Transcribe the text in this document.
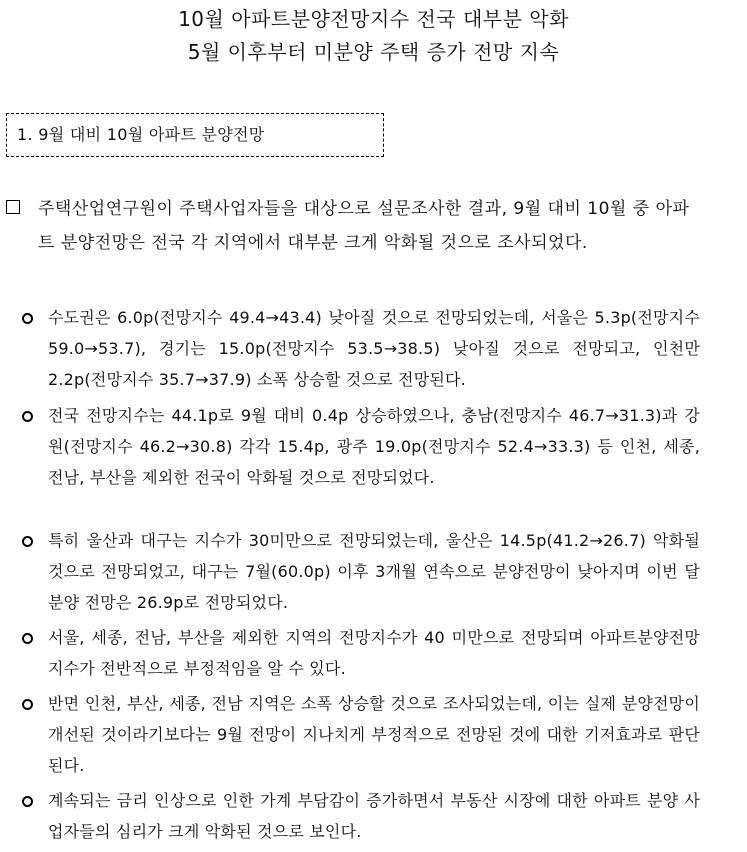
10월 아파트분양전망지수 전국 대부분 악화
5월 이후부터 미분양 주택 증가 전망 지속
1. 9월 대비 10월 아파트 분양전망
주택산업연구원이 주택사업자들을 대상으로 설문조사한 결과, 9월 대비 10월 중 아파트 분양전망은 전국 각 지역에서 대부분 크게 악화될 것으로 조사되었다.
수도권은 6.0p(전망지수 49.4→43.4) 낮아질 것으로 전망되었는데, 서울은 5.3p(전망지수 59.0→53.7), 경기는 15.0p(전망지수 53.5→38.5) 낮아질 것으로 전망되고, 인천만 2.2p(전망지수 35.7→37.9) 소폭 상승할 것으로 전망된다.
전국 전망지수는 44.1p로 9월 대비 0.4p 상승하였으나, 충남(전망지수 46.7→31.3)과 강원(전망지수 46.2→30.8) 각각 15.4p, 광주 19.0p(전망지수 52.4→33.3) 등 인천, 세종, 전남, 부산을 제외한 전국이 악화될 것으로 전망되었다.
특히 울산과 대구는 지수가 30미만으로 전망되었는데, 울산은 14.5p(41.2→26.7) 악화될 것으로 전망되었고, 대구는 7월(60.0p) 이후 3개월 연속으로 분양전망이 낮아지며 이번 달 분양 전망은 26.9p로 전망되었다.
서울, 세종, 전남, 부산을 제외한 지역의 전망지수가 40 미만으로 전망되며 아파트분양전망지수가 전반적으로 부정적임을 알 수 있다.
반면 인천, 부산, 세종, 전남 지역은 소폭 상승할 것으로 조사되었는데, 이는 실제 분양전망이 개선된 것이라기보다는 9월 전망이 지나치게 부정적으로 전망된 것에 대한 기저효과로 판단된다.
계속되는 금리 인상으로 인한 가계 부담감이 증가하면서 부동산 시장에 대한 아파트 분양 사업자들의 심리가 크게 악화된 것으로 보인다.
